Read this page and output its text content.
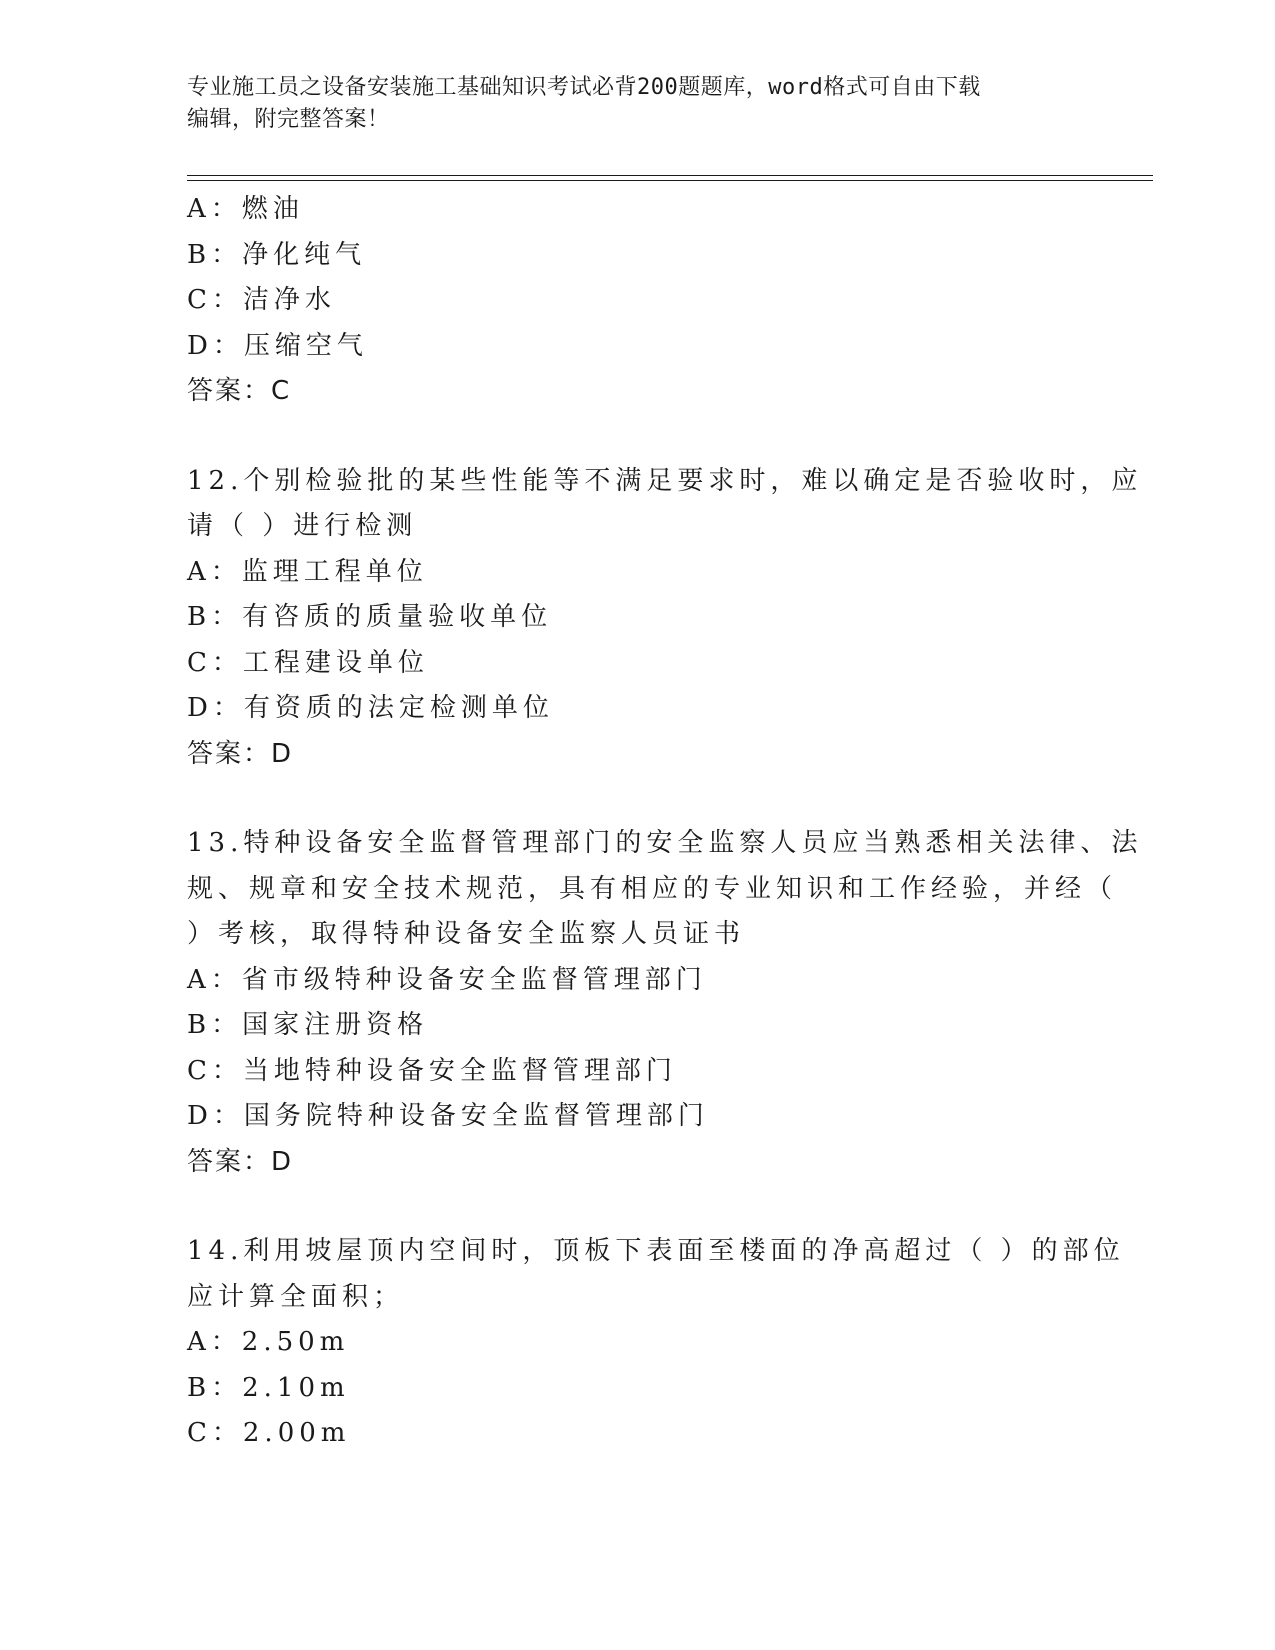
专业施工员之设备安装施工基础知识考试必背200题题库，word格式可自由下载
编辑，附完整答案！
A：燃油
B：净化纯气
C：洁净水
D：压缩空气
答案：C
12.个别检验批的某些性能等不满足要求时，难以确定是否验收时，应
请（ ）进行检测
A：监理工程单位
B：有咨质的质量验收单位
C：工程建设单位
D：有资质的法定检测单位
答案：D
13.特种设备安全监督管理部门的安全监察人员应当熟悉相关法律、法
规、规章和安全技术规范，具有相应的专业知识和工作经验，并经（
）考核，取得特种设备安全监察人员证书
A：省市级特种设备安全监督管理部门
B：国家注册资格
C：当地特种设备安全监督管理部门
D：国务院特种设备安全监督管理部门
答案：D
14.利用坡屋顶内空间时，顶板下表面至楼面的净高超过（ ）的部位
应计算全面积；
A：2.50m
B：2.10m
C：2.00m
